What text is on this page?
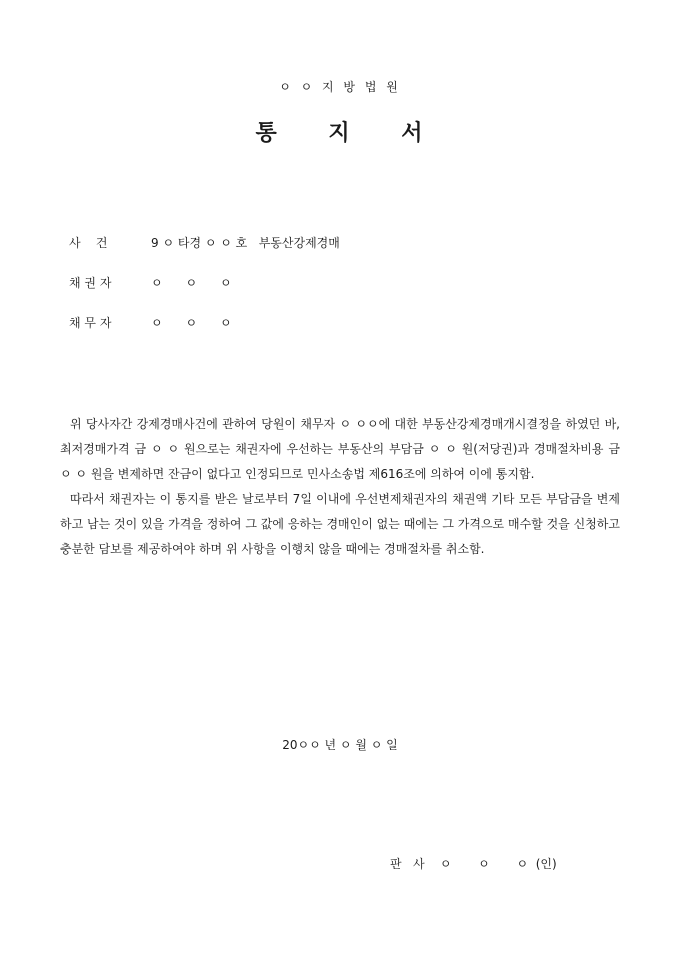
ㅇ ㅇ 지 방 법 원
통 지 서
사    건	9 ㅇ 타경 ㅇ ㅇ 호   부동산강제경매
채 권 자	ㅇ      ㅇ      ㅇ
채 무 자	ㅇ      ㅇ      ㅇ

위 당사자간 강제경매사건에 관하여 당원이 채무자 ㅇ ㅇㅇ에 대한 부동산강제경매개시결정을 하였던 바, 최저경매가격 금 ㅇ ㅇ 원으로는 채권자에 우선하는 부동산의 부담금 ㅇ ㅇ 원(저당권)과 경매절차비용 금 ㅇ ㅇ 원을 변제하면 잔금이 없다고 인정되므로 민사소송법 제616조에 의하여 이에 통지함.

따라서 채권자는 이 통지를 받은 날로부터 7일 이내에 우선변제채권자의 채권액 기타 모든 부담금을 변제하고 남는 것이 있을 가격을 정하여 그 값에 응하는 경매인이 없는 때에는 그 가격으로 매수할 것을 신청하고 충분한 담보를 제공하여야 하며 위 사항을 이행치 않을 때에는 경매절차를 취소함.

20ㅇㅇ 년 ㅇ 월 ㅇ 일
판   사    ㅇ       ㅇ       ㅇ  (인)
